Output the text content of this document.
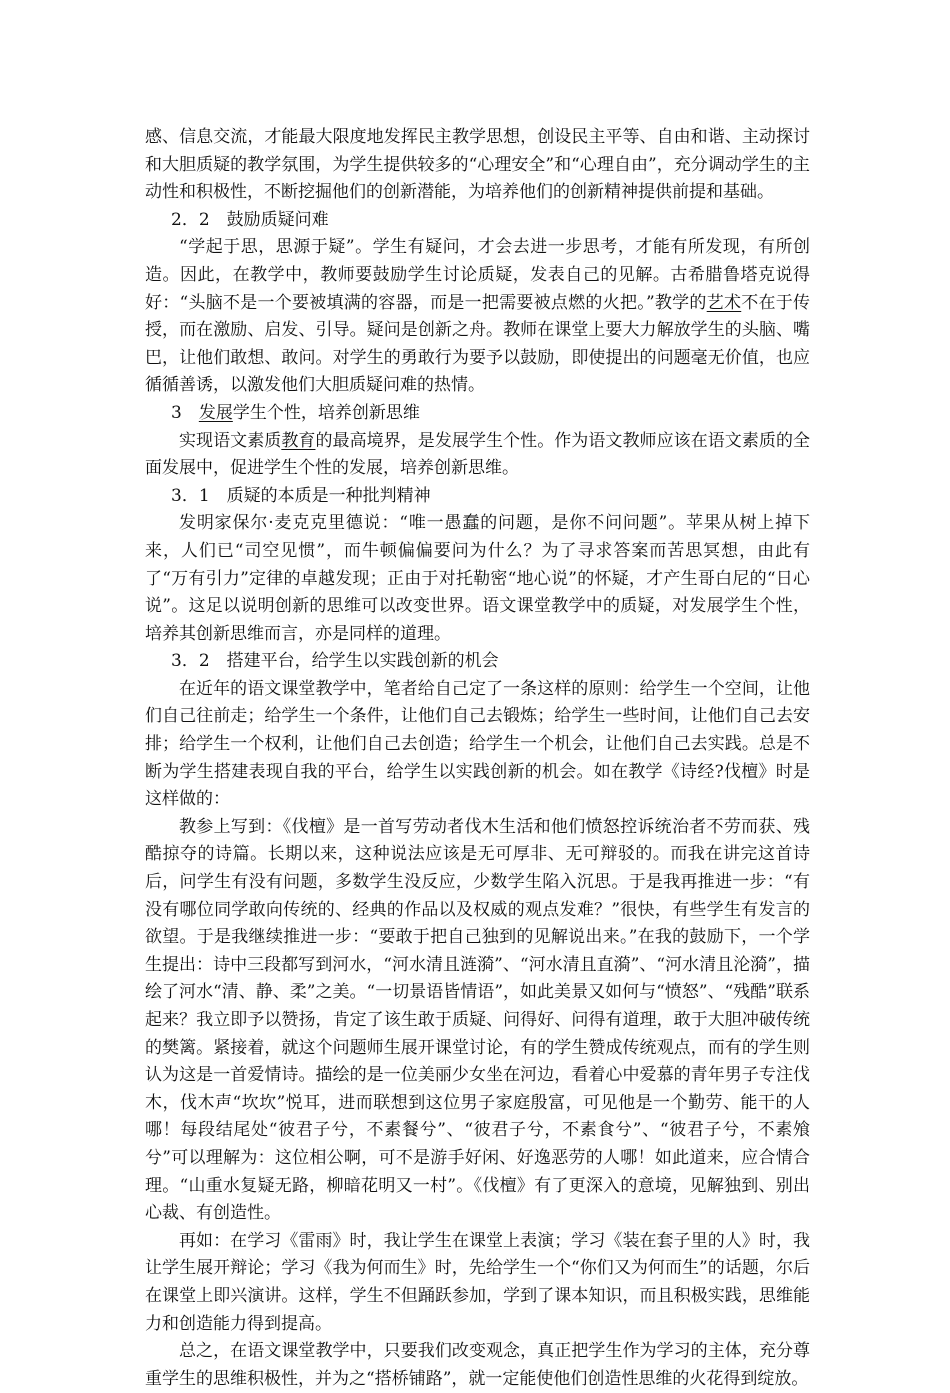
感、信息交流，才能最大限度地发挥民主教学思想，创设民主平等、自由和谐、主动探讨和大胆质疑的教学氛围，为学生提供较多的“心理安全”和“心理自由”，充分调动学生的主动性和积极性，不断挖掘他们的创新潜能，为培养他们的创新精神提供前提和基础。

2．2　鼓励质疑问难

“学起于思，思源于疑”。学生有疑问，才会去进一步思考，才能有所发现，有所创造。因此，在教学中，教师要鼓励学生讨论质疑，发表自己的见解。古希腊鲁塔克说得好：“头脑不是一个要被填满的容器，而是一把需要被点燃的火把。”教学的艺术不在于传授，而在激励、启发、引导。疑问是创新之舟。教师在课堂上要大力解放学生的头脑、嘴巴，让他们敢想、敢问。对学生的勇敢行为要予以鼓励，即使提出的问题毫无价值，也应循循善诱，以激发他们大胆质疑问难的热情。

3　发展学生个性，培养创新思维

实现语文素质教育的最高境界，是发展学生个性。作为语文教师应该在语文素质的全面发展中，促进学生个性的发展，培养创新思维。

3．1　质疑的本质是一种批判精神

发明家保尔·麦克克里德说：“唯一愚蠢的问题，是你不问问题”。苹果从树上掉下来，人们已“司空见惯”，而牛顿偏偏要问为什么？为了寻求答案而苦思冥想，由此有了“万有引力”定律的卓越发现；正由于对托勒密“地心说”的怀疑，才产生哥白尼的“日心说”。这足以说明创新的思维可以改变世界。语文课堂教学中的质疑，对发展学生个性，培养其创新思维而言，亦是同样的道理。

3．2　搭建平台，给学生以实践创新的机会

在近年的语文课堂教学中，笔者给自己定了一条这样的原则：给学生一个空间，让他们自己往前走；给学生一个条件，让他们自己去锻炼；给学生一些时间，让他们自己去安排；给学生一个权利，让他们自己去创造；给学生一个机会，让他们自己去实践。总是不断为学生搭建表现自我的平台，给学生以实践创新的机会。如在教学《诗经?伐檀》时是这样做的：

教参上写到：《伐檀》是一首写劳动者伐木生活和他们愤怒控诉统治者不劳而获、残酷掠夺的诗篇。长期以来，这种说法应该是无可厚非、无可辩驳的。而我在讲完这首诗后，问学生有没有问题，多数学生没反应，少数学生陷入沉思。于是我再推进一步：“有没有哪位同学敢向传统的、经典的作品以及权威的观点发难？”很快，有些学生有发言的欲望。于是我继续推进一步：“要敢于把自己独到的见解说出来。”在我的鼓励下，一个学生提出：诗中三段都写到河水，“河水清且涟漪”、“河水清且直漪”、“河水清且沦漪”，描绘了河水“清、静、柔”之美。“一切景语皆情语”，如此美景又如何与“愤怒”、“残酷”联系起来？我立即予以赞扬，肯定了该生敢于质疑、问得好、问得有道理，敢于大胆冲破传统的樊篱。紧接着，就这个问题师生展开课堂讨论，有的学生赞成传统观点，而有的学生则认为这是一首爱情诗。描绘的是一位美丽少女坐在河边，看着心中爱慕的青年男子专注伐木，伐木声“坎坎”悦耳，进而联想到这位男子家庭殷富，可见他是一个勤劳、能干的人哪！每段结尾处“彼君子兮，不素餐兮”、“彼君子兮，不素食兮”、“彼君子兮，不素飧兮”可以理解为：这位相公啊，可不是游手好闲、好逸恶劳的人哪！如此道来，应合情合理。“山重水复疑无路，柳暗花明又一村”。《伐檀》有了更深入的意境，见解独到、别出心裁、有创造性。

再如：在学习《雷雨》时，我让学生在课堂上表演；学习《装在套子里的人》时，我让学生展开辩论；学习《我为何而生》时，先给学生一个“你们又为何而生”的话题，尔后在课堂上即兴演讲。这样，学生不但踊跃参加，学到了课本知识，而且积极实践，思维能力和创造能力得到提高。

总之，在语文课堂教学中，只要我们改变观念，真正把学生作为学习的主体，充分尊重学生的思维积极性，并为之“搭桥铺路”，就一定能使他们创造性思维的火花得到绽放。
